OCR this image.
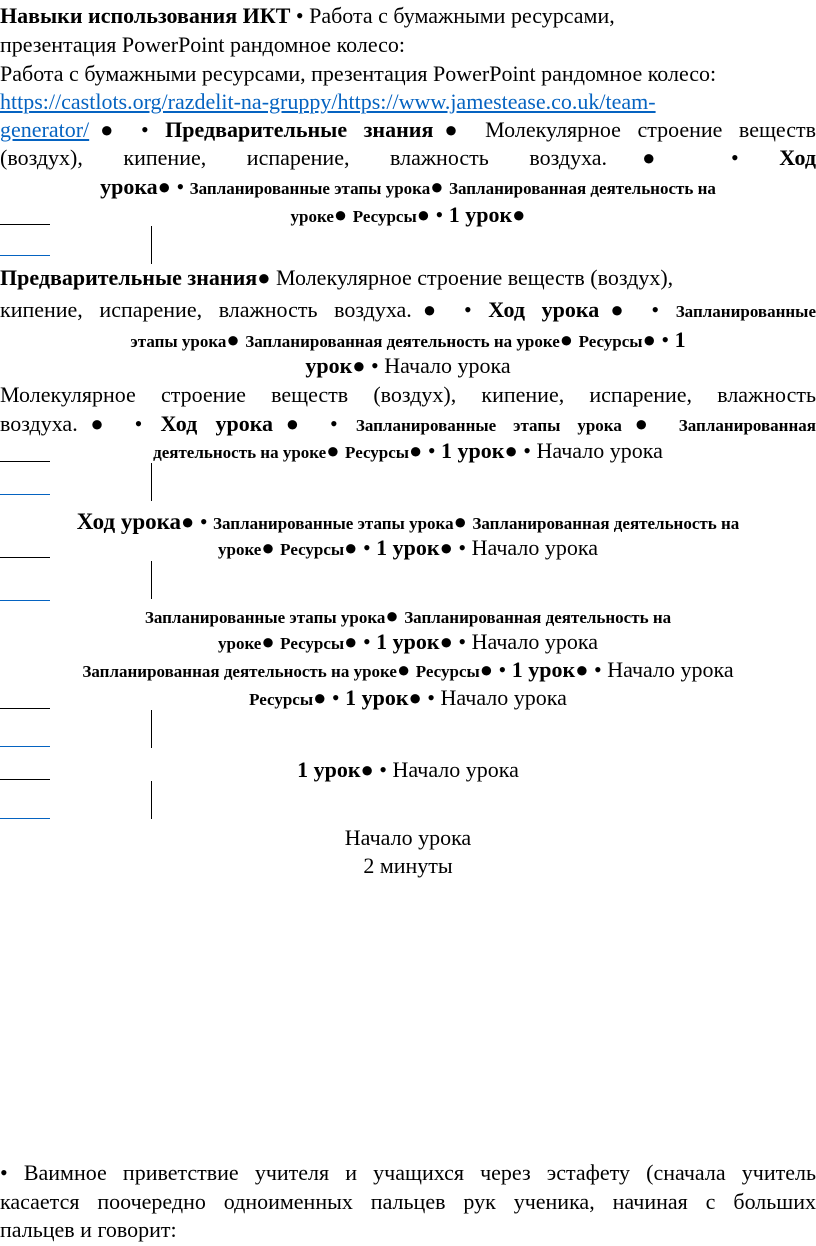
Навыки использования ИКТ • Работа с бумажными ресурсами,
презентация PowerPoint рандомное колесо:
Работа с бумажными ресурсами, презентация PowerPoint рандомное колесо:
https://castlots.org/razdelit-na-gruppy/https://www.jamestease.co.uk/team-
generator/● • Предварительные знания● Молекулярное строение веществ
(воздух), кипение, испарение, влажность воздуха.● • Ход
урока● • Запланированные этапы урока● Запланированная деятельность на
уроке● Ресурсы● • 1 урок●
Предварительные знания● Молекулярное строение веществ (воздух),
кипение, испарение, влажность воздуха.● • Ход урока● • Запланированные
этапы урока● Запланированная деятельность на уроке● Ресурсы● • 1
урок● • Начало урока
Молекулярное строение веществ (воздух), кипение, испарение, влажность
воздуха.● • Ход урока● • Запланированные этапы урока● Запланированная
деятельность на уроке● Ресурсы● • 1 урок● • Начало урока
Ход урока● • Запланированные этапы урока● Запланированная деятельность на
уроке● Ресурсы● • 1 урок● • Начало урока
Запланированные этапы урока● Запланированная деятельность на
уроке● Ресурсы● • 1 урок● • Начало урока
Запланированная деятельность на уроке● Ресурсы● • 1 урок● • Начало урока
Ресурсы● • 1 урок● • Начало урока
1 урок● • Начало урока
Начало урока
2 минуты
• Ваимное приветствие учителя и учащихся через эстафету (сначала учитель
касается поочередно одноименных пальцев рук ученика, начиная с больших
пальцев и говорит:
